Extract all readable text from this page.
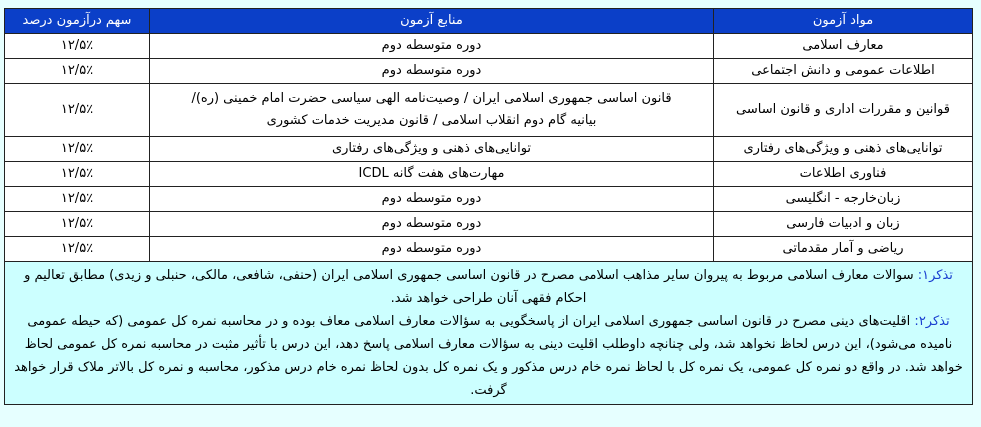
مواد آزمون	منابع آزمون	سهم درآزمون درصد
معارف اسلامی	دوره متوسطه دوم	۱۲/۵٪
اطلاعات عمومی و دانش اجتماعی	دوره متوسطه دوم	۱۲/۵٪
قوانین و مقررات اداری و قانون اساسی	قانون اساسی جمهوری اسلامی ایران / وصیت‌نامه الهی سیاسی حضرت امام خمینی (ره)/ بیانیه گام دوم انقلاب اسلامی / قانون مدیریت خدمات کشوری	۱۲/۵٪
توانایی‌های ذهنی و ویژگی‌های رفتاری	توانایی‌های ذهنی و ویژگی‌های رفتاری	۱۲/۵٪
فناوری اطلاعات	مهارت‌های هفت گانه ICDL	۱۲/۵٪
زبان‌خارجه - انگلیسی	دوره متوسطه دوم	۱۲/۵٪
زبان و ادبیات فارسی	دوره متوسطه دوم	۱۲/۵٪
ریاضی و آمار مقدماتی	دوره متوسطه دوم	۱۲/۵٪

تذکر۱: سوالات معارف اسلامی مربوط به پیروان سایر مذاهب اسلامی مصرح در قانون اساسی جمهوری اسلامی ایران (حنفی، شافعی، مالکی، حنبلی و زیدی) مطابق تعالیم و احکام فقهی آنان طراحی خواهد شد.
تذکر۲: اقلیت‌های دینی مصرح در قانون اساسی جمهوری اسلامی ایران از پاسخگویی به سؤالات معارف اسلامی معاف بوده و در محاسبه نمره کل عمومی (که حیطه عمومی نامیده می‌شود)، این درس لحاظ نخواهد شد، ولی چنانچه داوطلب اقلیت دینی به سؤالات معارف اسلامی پاسخ دهد، این درس با تأثیر مثبت در محاسبه نمره کل عمومی لحاظ خواهد شد. در واقع دو نمره کل عمومی، یک نمره کل با لحاظ نمره خام درس مذکور و یک نمره کل بدون لحاظ نمره خام درس مذکور، محاسبه و نمره کل بالاتر ملاک قرار خواهد گرفت.		
